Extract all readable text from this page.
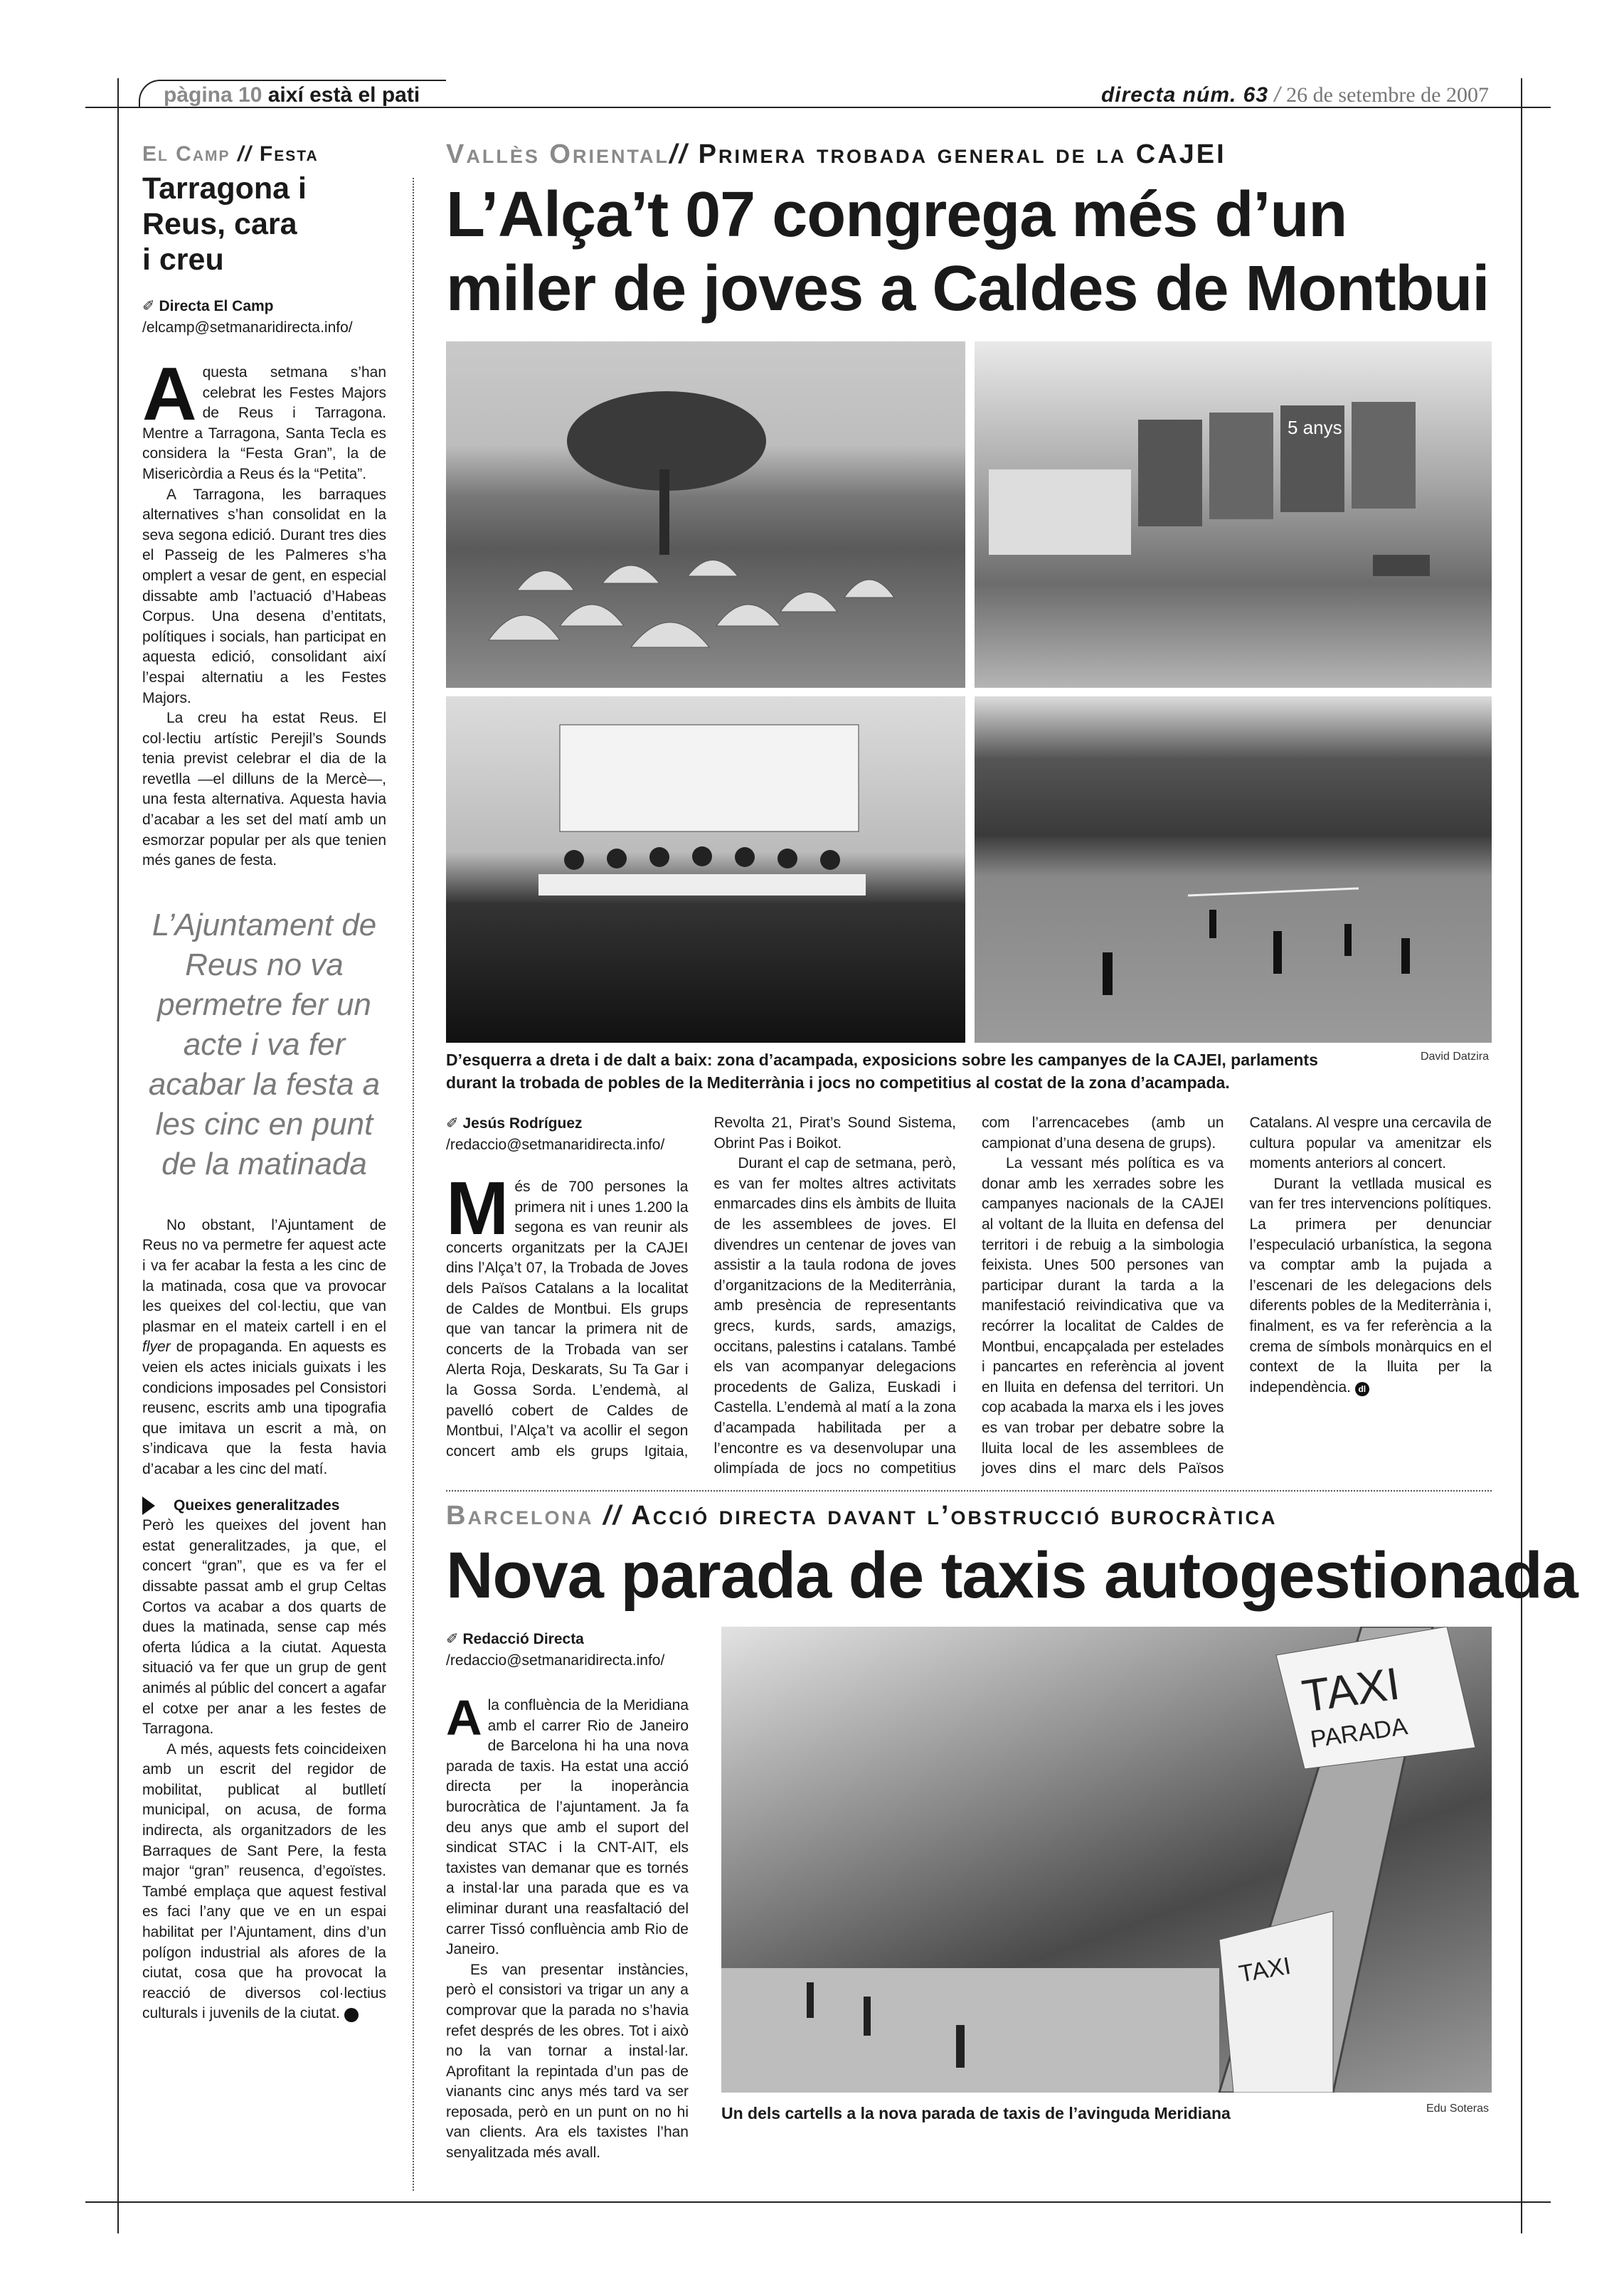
pàgina 10 així està el pati	directa núm. 63 / 26 de setembre de 2007
El Camp // Festa
Tarragona i Reus, cara i creu
✐ Directa El Camp
/elcamp@setmanaridirecta.info/

Aquesta setmana s’han celebrat les Festes Majors de Reus i Tarragona. Mentre a Tarragona, Santa Tecla es considera la “Festa Gran”, la de Misericòrdia a Reus és la “Petita”.

A Tarragona, les barraques alternatives s’han consolidat en la seva segona edició. Durant tres dies el Passeig de les Palmeres s’ha omplert a vesar de gent, en especial dissabte amb l’actuació d’Habeas Corpus. Una desena d’entitats, polítiques i socials, han participat en aquesta edició, consolidant així l’espai alternatiu a les Festes Majors.

La creu ha estat Reus. El col·lectiu artístic Perejil’s Sounds tenia previst celebrar el dia de la revetlla —el dilluns de la Mercè—, una festa alternativa. Aquesta havia d’acabar a les set del matí amb un esmorzar popular per als que tenien més ganes de festa.

L’Ajuntament de Reus no va permetre fer un acte i va fer acabar la festa a les cinc en punt de la matinada

No obstant, l’Ajuntament de Reus no va permetre fer aquest acte i va fer acabar la festa a les cinc de la matinada, cosa que va provocar les queixes del col·lectiu, que van plasmar en el mateix cartell i en el flyer de propaganda. En aquests es veien els actes inicials guixats i les condicions imposades pel Consistori reusenc, escrits amb una tipografia que imitava un escrit a mà, on s’indicava que la festa havia d’acabar a les cinc del matí.

Queixes generalitzades

Però les queixes del jovent han estat generalitzades, ja que, el concert “gran”, que es va fer el dissabte passat amb el grup Celtas Cortos va acabar a dos quarts de dues la matinada, sense cap més oferta lúdica a la ciutat. Aquesta situació va fer que un grup de gent animés al públic del concert a agafar el cotxe per anar a les festes de Tarragona.

A més, aquests fets coincideixen amb un escrit del regidor de mobilitat, publicat al butlletí municipal, on acusa, de forma indirecta, als organitzadors de les Barraques de Sant Pere, la festa major “gran” reusenca, d’egoïstes. També emplaça que aquest festival es faci l’any que ve en un espai habilitat per l’Ajuntament, dins d’un polígon industrial als afores de la ciutat, cosa que ha provocat la reacció de diversos col·lectius culturals i juvenils de la ciutat.	dl

Vallès Oriental// Primera trobada general de la CAJEI
L’Alça’t 07 congrega més d’un miler de joves a Caldes de Montbui
5 anys
D’esquerra a dreta i de dalt a baix: zona d’acampada, exposicions sobre les campanyes de la CAJEI, parlaments durant la trobada de pobles de la Mediterrània i jocs no competitius al costat de la zona d’acampada.
David Datzira
✐ Jesús Rodríguez
/redaccio@setmanaridirecta.info/

Més de 700 persones la primera nit i unes 1.200 la segona es van reunir als concerts organitzats per la CAJEI dins l’Alça’t 07, la Trobada de Joves dels Països Catalans a la localitat de Caldes de Montbui. Els grups que van tancar la primera nit de concerts de la Trobada van ser Alerta Roja, Deskarats, Su Ta Gar i la Gossa Sorda. L’endemà, al pavelló cobert de Caldes de Montbui, l’Alça’t va acollir el segon concert amb els grups Igitaia, Revolta 21, Pirat’s Sound Sistema, Obrint Pas i Boikot.

Durant el cap de setmana, però, es van fer moltes altres activitats enmarcades dins els àmbits de lluita de les assemblees de joves. El divendres un centenar de joves van assistir a la taula rodona de joves d’organitzacions de la Mediterrània, amb presència de representants grecs, kurds, sards, amazigs, occitans, palestins i catalans. També els van acompanyar delegacions procedents de Galiza, Euskadi i Castella. L’endemà al matí a la zona d’acampada habilitada per a l’encontre es va desenvolupar una olimpíada de jocs no competitius com l’arrencacebes (amb un campionat d’una desena de grups).

La vessant més política es va donar amb les xerrades sobre les campanyes nacionals de la CAJEI al voltant de la lluita en defensa del territori i de rebuig a la simbologia feixista. Unes 500 persones van participar durant la tarda a la manifestació reivindicativa que va recórrer la localitat de Caldes de Montbui, encapçalada per estelades i pancartes en referència al jovent en lluita en defensa del territori. Un cop acabada la marxa els i les joves es van trobar per debatre sobre la lluita local de les assemblees de joves dins el marc dels Països Catalans. Al vespre una cercavila de cultura popular va amenitzar els moments anteriors al concert.

Durant la vetllada musical es van fer tres intervencions polítiques. La primera per denunciar l’especulació urbanística, la segona va comptar amb la pujada a l’escenari de les delegacions dels diferents pobles de la Mediterrània i, finalment, es va fer referència a la crema de símbols monàrquics en el context de la lluita per la independència. dl

Barcelona // Acció directa davant l’obstrucció burocràtica
Nova parada de taxis autogestionada
✐ Redacció Directa
/redaccio@setmanaridirecta.info/

Ala confluència de la Meridiana amb el carrer Rio de Janeiro de Barcelona hi ha una nova parada de taxis. Ha estat una acció directa per la inoperància burocràtica de l’ajuntament. Ja fa deu anys que amb el suport del sindicat STAC i la CNT-AIT, els taxistes van demanar que es tornés a instal·lar una parada que es va eliminar durant una reasfaltació del carrer Tissó confluència amb Rio de Janeiro.

Es van presentar instàncies, però el consistori va trigar un any a comprovar que la parada no s’havia refet després de les obres. Tot i això no la van tornar a instal·lar. Aprofitant la repintada d’un pas de vianants cinc anys més tard va ser reposada, però en un punt on no hi van clients. Ara els taxistes l’han senyalitzada més avall.

TAXI
PARADA
TAXI
Un dels cartells a la nova parada de taxis de l’avinguda Meridiana	Edu Soteras
